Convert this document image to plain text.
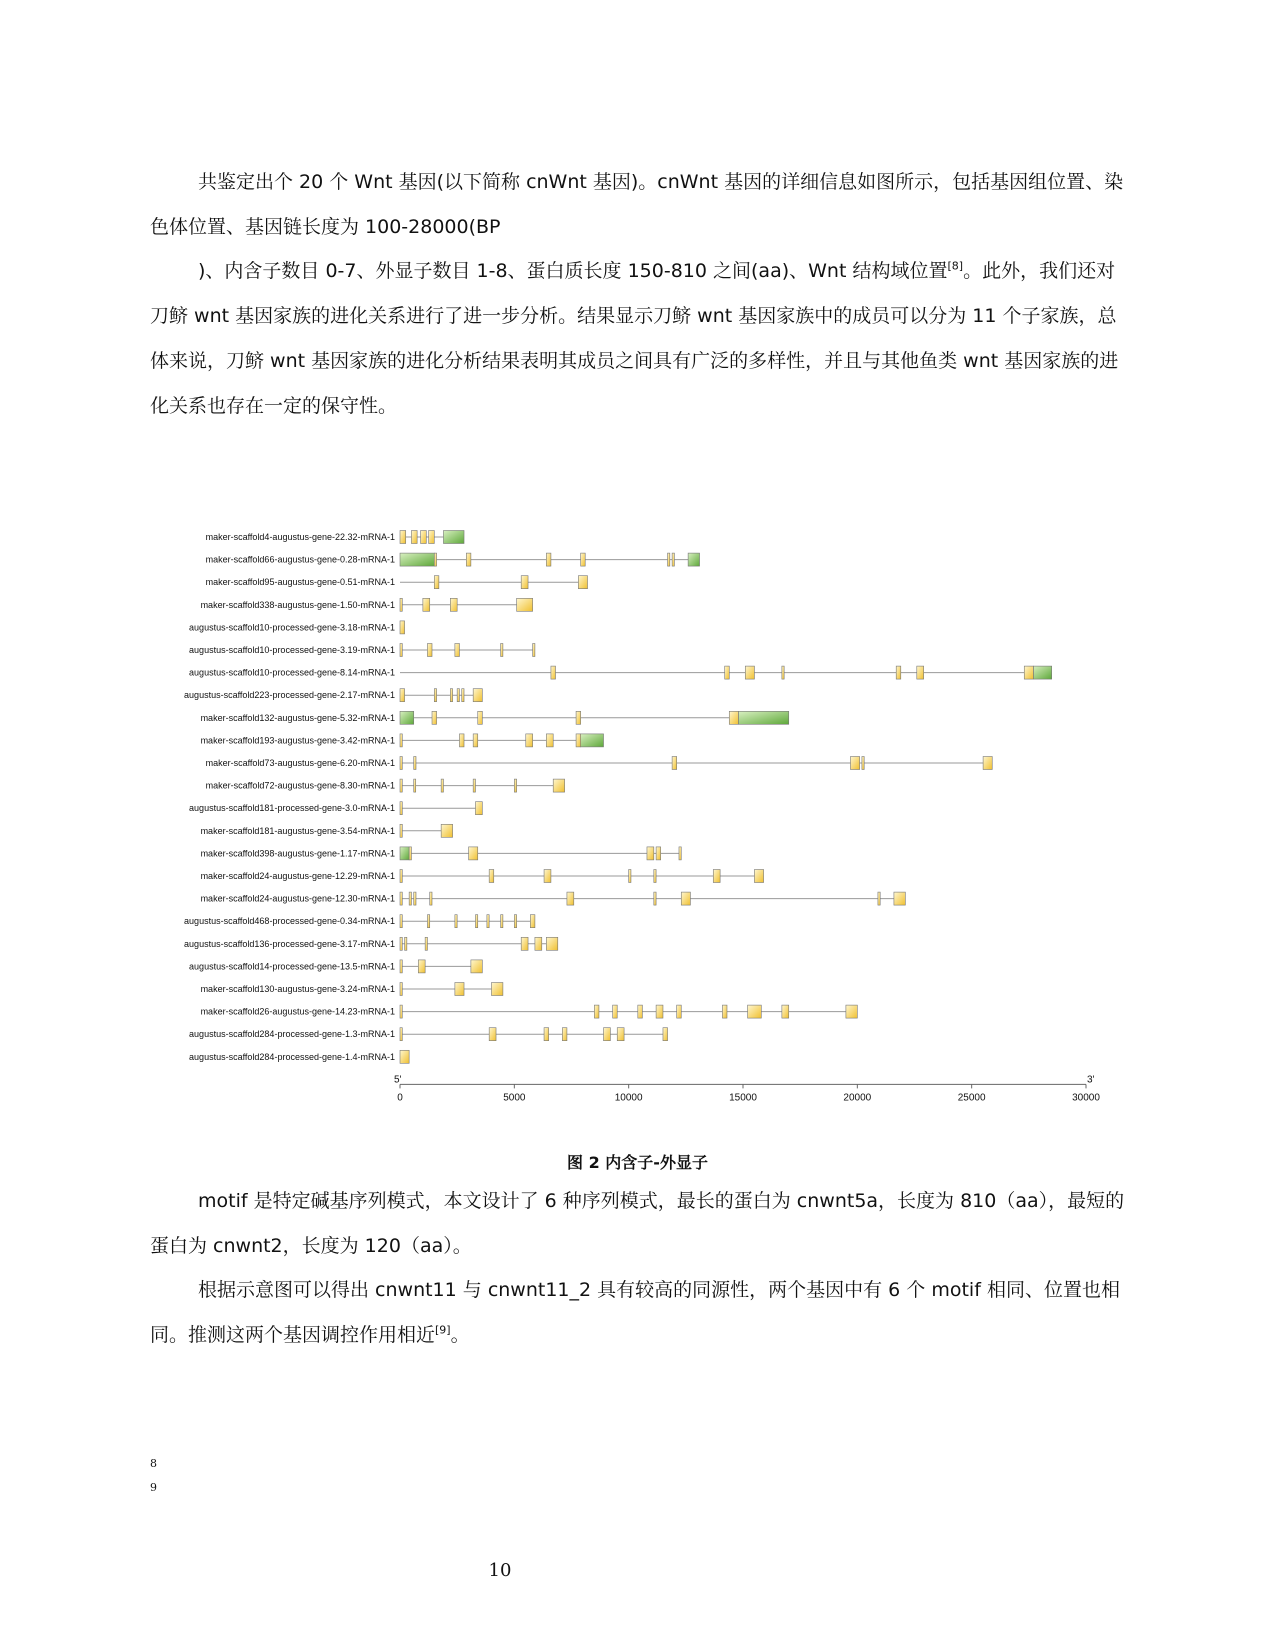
共鉴定出个 20 个 Wnt 基因(以下简称 cnWnt 基因)。cnWnt 基因的详细信息如图所示，包括基因组位置、染色体位置、基因链长度为 100-28000(BP

)、内含子数目 0-7、外显子数目 1-8、蛋白质长度 150-810 之间(aa)、Wnt 结构域位置[8]。此外，我们还对刀鲚 wnt 基因家族的进化关系进行了进一步分析。结果显示刀鲚 wnt 基因家族中的成员可以分为 11 个子家族，总体来说，刀鲚 wnt 基因家族的进化分析结果表明其成员之间具有广泛的多样性，并且与其他鱼类 wnt 基因家族的进化关系也存在一定的保守性。

maker-scaffold4-augustus-gene-22.32-mRNA-1
maker-scaffold66-augustus-gene-0.28-mRNA-1
maker-scaffold95-augustus-gene-0.51-mRNA-1
maker-scaffold338-augustus-gene-1.50-mRNA-1
augustus-scaffold10-processed-gene-3.18-mRNA-1
augustus-scaffold10-processed-gene-3.19-mRNA-1
augustus-scaffold10-processed-gene-8.14-mRNA-1
augustus-scaffold223-processed-gene-2.17-mRNA-1
maker-scaffold132-augustus-gene-5.32-mRNA-1
maker-scaffold193-augustus-gene-3.42-mRNA-1
maker-scaffold73-augustus-gene-6.20-mRNA-1
maker-scaffold72-augustus-gene-8.30-mRNA-1
augustus-scaffold181-processed-gene-3.0-mRNA-1
maker-scaffold181-augustus-gene-3.54-mRNA-1
maker-scaffold398-augustus-gene-1.17-mRNA-1
maker-scaffold24-augustus-gene-12.29-mRNA-1
maker-scaffold24-augustus-gene-12.30-mRNA-1
augustus-scaffold468-processed-gene-0.34-mRNA-1
augustus-scaffold136-processed-gene-3.17-mRNA-1
augustus-scaffold14-processed-gene-13.5-mRNA-1
maker-scaffold130-augustus-gene-3.24-mRNA-1
maker-scaffold26-augustus-gene-14.23-mRNA-1
augustus-scaffold284-processed-gene-1.3-mRNA-1
augustus-scaffold284-processed-gene-1.4-mRNA-1
0	5000	10000	15000	20000	25000	30000
5'	3'
图 2 内含子-外显子

motif 是特定碱基序列模式，本文设计了 6 种序列模式，最长的蛋白为 cnwnt5a，长度为 810（aa），最短的蛋白为 cnwnt2，长度为 120（aa）。

根据示意图可以得出 cnwnt11 与 cnwnt11_2 具有较高的同源性，两个基因中有 6 个 motif 相同、位置也相同。推测这两个基因调控作用相近[9]。

8
9
10
